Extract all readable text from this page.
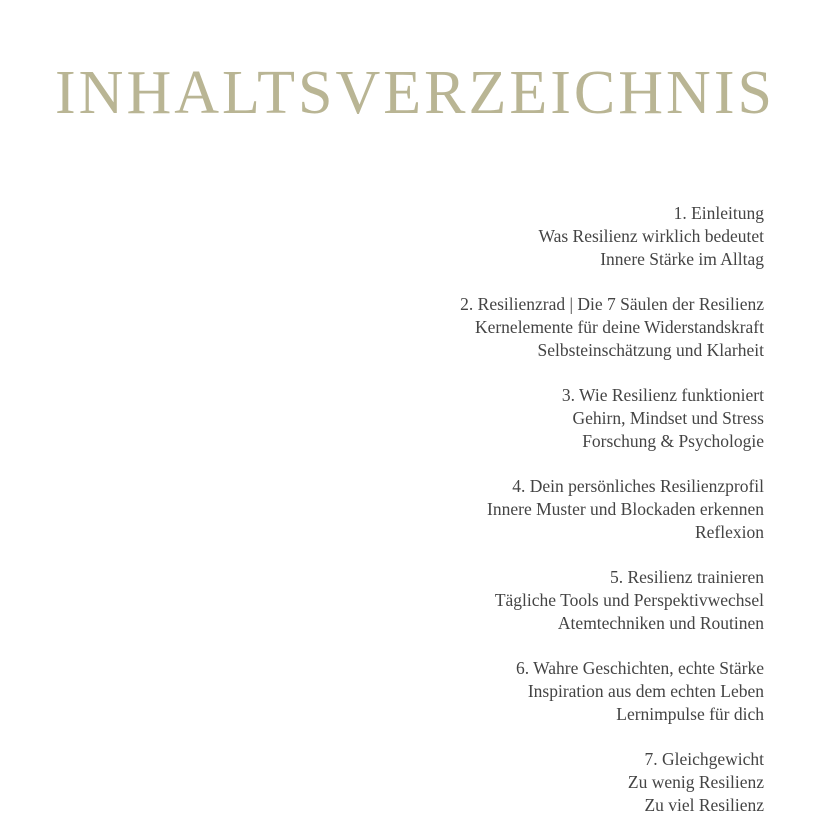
INHALTSVERZEICHNIS
1. Einleitung
Was Resilienz wirklich bedeutet
Innere Stärke im Alltag
2. Resilienzrad | Die 7 Säulen der Resilienz
Kernelemente für deine Widerstandskraft
Selbsteinschätzung und Klarheit
3. Wie Resilienz funktioniert
Gehirn, Mindset und Stress
Forschung & Psychologie
4. Dein persönliches Resilienzprofil
Innere Muster und Blockaden erkennen
Reflexion
5. Resilienz trainieren
Tägliche Tools und Perspektivwechsel
Atemtechniken und Routinen
6. Wahre Geschichten, echte Stärke
Inspiration aus dem echten Leben
Lernimpulse für dich
7. Gleichgewicht
Zu wenig Resilienz
Zu viel Resilienz
